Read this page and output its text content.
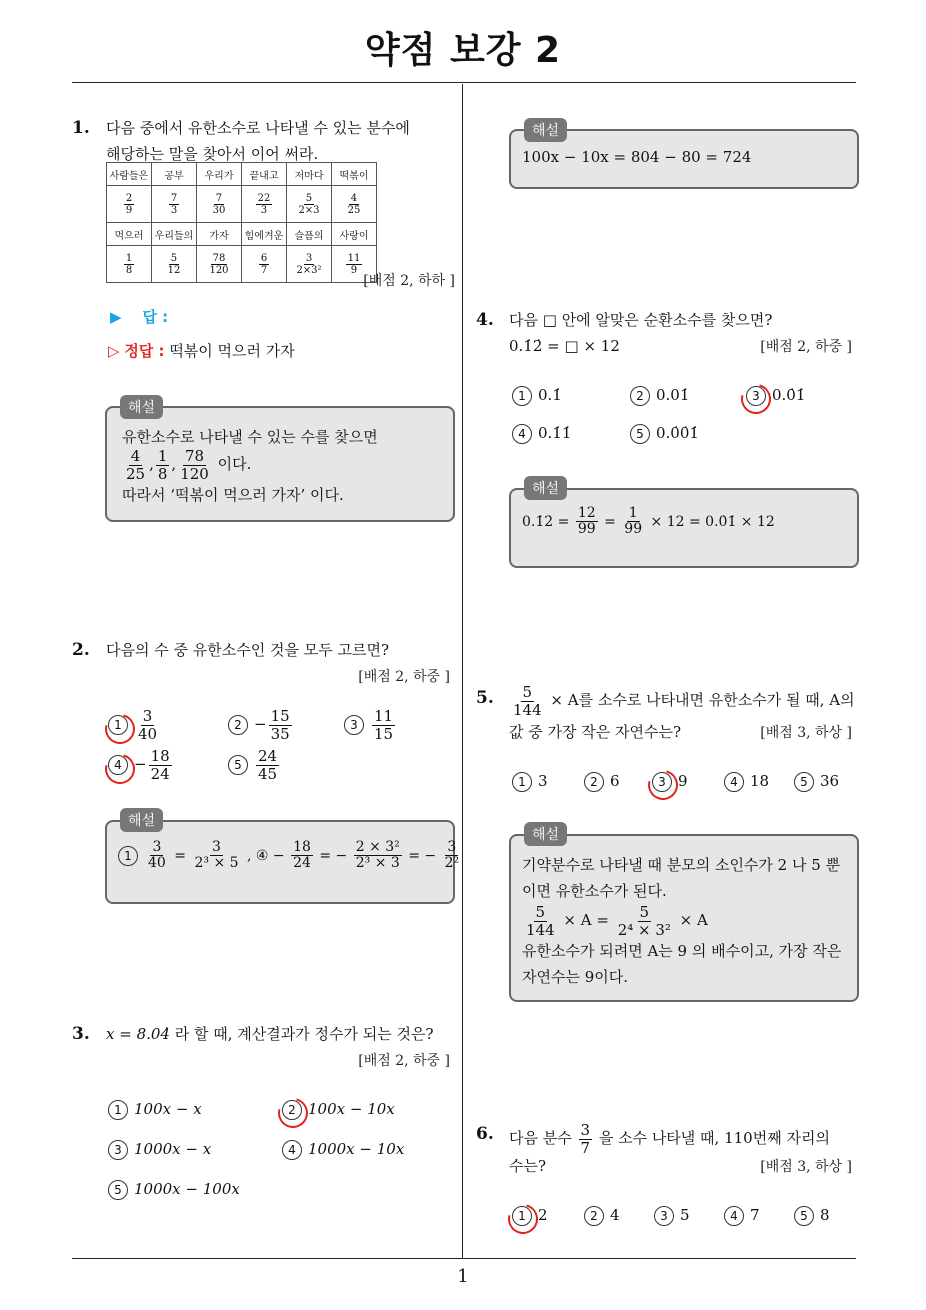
약점 보강 2
1
1. 다음 중에서 유한소수로 나타낼 수 있는 분수에
해당하는 말을 찾아서 이어 써라.
사람들은	공부	우리가	끝내고	저마다	떡볶이

$\frac{2}{9}$	$\frac{7}{3}$	$\frac{7}{30}$	$\frac{22}{3}$	$\frac{5}{2\times 3}$	$\frac{4}{25}$

먹으러	우리들의	가자	힘에겨운	슬픔의	사랑이

$\frac{1}{8}$	$\frac{5}{12}$	$\frac{78}{120}$	$\frac{6}{7}$	$\frac{3}{\text{2×3²}}$	$\frac{11}{9}$
[배점 2, 하하 ]
▶ 답 :
▷ 정답 : 떡볶이 먹으러 가자
해설
유한소수로 나타낼 수 있는 수를 찾으면
$\frac{4}{25}$ , $\frac{1}{8}$ , $\frac{78}{120}$ 이다.
따라서 ‘떡볶이 먹으러 가자’ 이다.
2. 다음의 수 중 유한소수인 것을 모두 고르면?
[배점 2, 하중 ]
$1 \frac{3}{40}$	$2 - \frac{15}{35}$	$3 \frac{11}{15}$
$4 - \frac{18}{24}$	$5 \frac{24}{45}$
해설
$1 \frac{3}{40} = \frac{3}{\text{2³ × 5}}$ , ④ − $\frac{18}{24}$ = − $\frac{\text{2 × 3²}}{\text{2³ × 3}}$ = − $\frac{3}{\text{2²}}$
3. x = 8.04̇ 라 할 때, 계산결과가 정수가 되는 것은?
[배점 2, 하중 ]
1 100x − x	2 100x − 10x
3 1000x − x	4 1000x − 10x
5 1000x − 100x
해설
100x − 10x = 804 − 80 = 724
4. 다음 □ 안에 알맞은 순환소수를 찾으면?
0.1̇2̇ = □ × 12	[배점 2, 하중 ]
1 0.1̇	2 0.01̇	3 0.0̇1̇
4 0.1̇1̇	5 0.0̇0̇1̇
해설
0.1̇2̇ = $\frac{12}{99} = \frac{1}{99} \times 12$ = 0.0̇1̇ × 12
5. $\frac{5}{144} \times A$를 소수로 나타내면 유한소수가 될 때, A의
값 중 가장 작은 자연수는?	[배점 3, 하상 ]
1 3	2 6	3 9	4 18	5 36
해설
기약분수로 나타낼 때 분모의 소인수가 2 나 5 뿐
이면 유한소수가 된다.
$\frac{5}{144} \times A = \frac{5}{\text{2⁴ × 3²}} \times A$
유한소수가 되려면 A는 9 의 배수이고, 가장 작은
자연수는 9이다.
6. 다음 분수 $\frac{3}{7}$ 을 소수 나타낼 때, 110번째 자리의
수는?	[배점 3, 하상 ]
1 2	2 4	3 5	4 7	5 8
